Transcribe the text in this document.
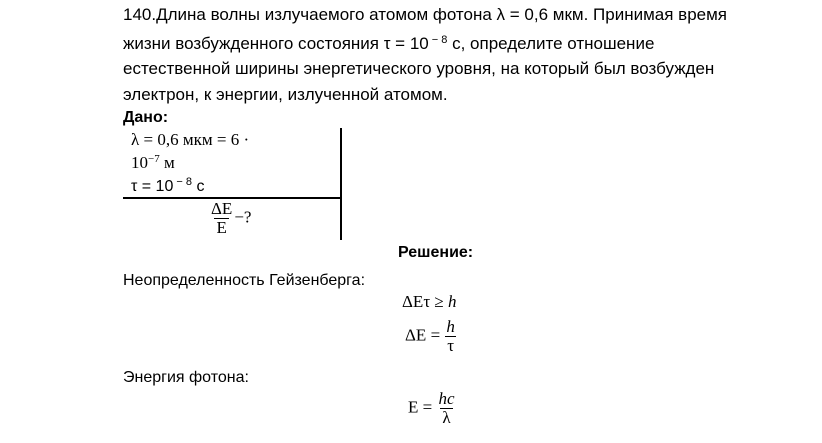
140.Длина волны излучаемого атомом фотона λ = 0,6 мкм. Принимая время
жизни возбужденного состояния τ = 10 $^{- 8}$ с, определите отношение
естественной ширины энергетического уровня, на который был возбужден
электрон, к энергии, излученной атомом.
Дано:
λ = 0,6 мкм = 6 ·
$10^{-7}$ м
τ = 10 $^{- 8}$ с
$\frac{\Delta E}{E}$ −?
Решение:
Неопределенность Гейзенберга:
ΔEτ ≥ h
$\Delta E = \frac{h}{\tau}$
Энергия фотона:
$E = \frac{hc}{\lambda}$
